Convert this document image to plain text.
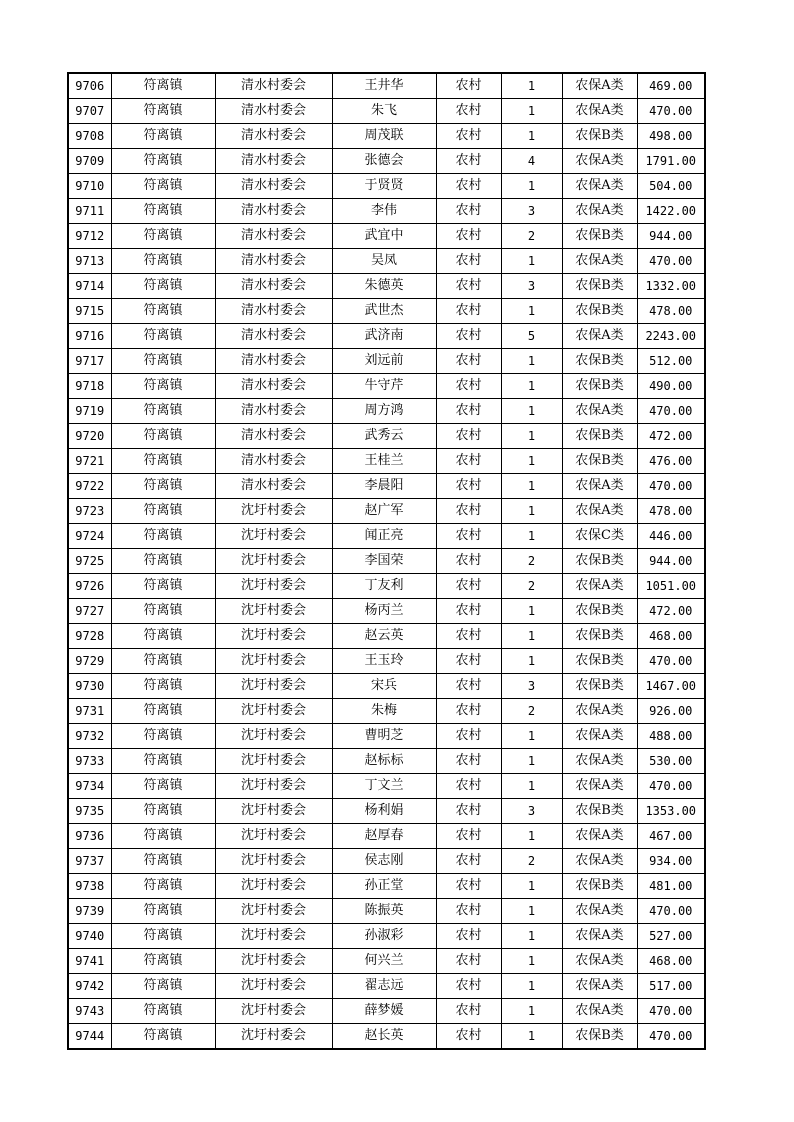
9706	符离镇	清水村委会	王井华	农村	1	农保A类	469.00
9707	符离镇	清水村委会	朱飞	农村	1	农保A类	470.00
9708	符离镇	清水村委会	周茂联	农村	1	农保B类	498.00
9709	符离镇	清水村委会	张德会	农村	4	农保A类	1791.00
9710	符离镇	清水村委会	于贤贤	农村	1	农保A类	504.00
9711	符离镇	清水村委会	李伟	农村	3	农保A类	1422.00
9712	符离镇	清水村委会	武宜中	农村	2	农保B类	944.00
9713	符离镇	清水村委会	吴凤	农村	1	农保A类	470.00
9714	符离镇	清水村委会	朱德英	农村	3	农保B类	1332.00
9715	符离镇	清水村委会	武世杰	农村	1	农保B类	478.00
9716	符离镇	清水村委会	武济南	农村	5	农保A类	2243.00
9717	符离镇	清水村委会	刘远前	农村	1	农保B类	512.00
9718	符离镇	清水村委会	牛守芹	农村	1	农保B类	490.00
9719	符离镇	清水村委会	周方鸿	农村	1	农保A类	470.00
9720	符离镇	清水村委会	武秀云	农村	1	农保B类	472.00
9721	符离镇	清水村委会	王桂兰	农村	1	农保B类	476.00
9722	符离镇	清水村委会	李晨阳	农村	1	农保A类	470.00
9723	符离镇	沈圩村委会	赵广军	农村	1	农保A类	478.00
9724	符离镇	沈圩村委会	闻正亮	农村	1	农保C类	446.00
9725	符离镇	沈圩村委会	李国荣	农村	2	农保B类	944.00
9726	符离镇	沈圩村委会	丁友利	农村	2	农保A类	1051.00
9727	符离镇	沈圩村委会	杨丙兰	农村	1	农保B类	472.00
9728	符离镇	沈圩村委会	赵云英	农村	1	农保B类	468.00
9729	符离镇	沈圩村委会	王玉玲	农村	1	农保B类	470.00
9730	符离镇	沈圩村委会	宋兵	农村	3	农保B类	1467.00
9731	符离镇	沈圩村委会	朱梅	农村	2	农保A类	926.00
9732	符离镇	沈圩村委会	曹明芝	农村	1	农保A类	488.00
9733	符离镇	沈圩村委会	赵标标	农村	1	农保A类	530.00
9734	符离镇	沈圩村委会	丁文兰	农村	1	农保A类	470.00
9735	符离镇	沈圩村委会	杨利娟	农村	3	农保B类	1353.00
9736	符离镇	沈圩村委会	赵厚春	农村	1	农保A类	467.00
9737	符离镇	沈圩村委会	侯志刚	农村	2	农保A类	934.00
9738	符离镇	沈圩村委会	孙正堂	农村	1	农保B类	481.00
9739	符离镇	沈圩村委会	陈振英	农村	1	农保A类	470.00
9740	符离镇	沈圩村委会	孙淑彩	农村	1	农保A类	527.00
9741	符离镇	沈圩村委会	何兴兰	农村	1	农保A类	468.00
9742	符离镇	沈圩村委会	翟志远	农村	1	农保A类	517.00
9743	符离镇	沈圩村委会	薛梦媛	农村	1	农保A类	470.00
9744	符离镇	沈圩村委会	赵长英	农村	1	农保B类	470.00
